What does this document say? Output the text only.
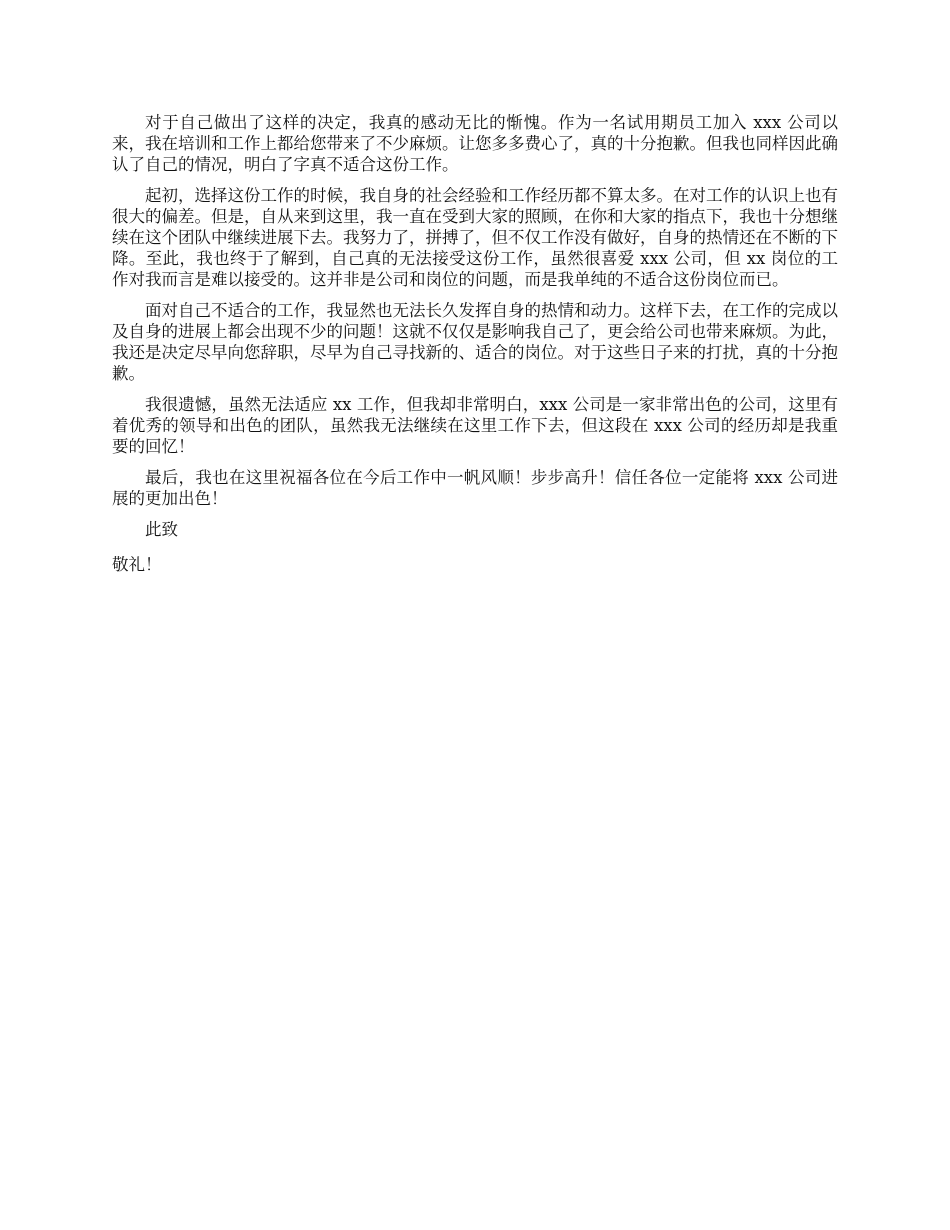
对于自己做出了这样的决定，我真的感动无比的惭愧。作为一名试用期员工加入 xxx 公司以来，我在培训和工作上都给您带来了不少麻烦。让您多多费心了，真的十分抱歉。但我也同样因此确认了自己的情况，明白了字真不适合这份工作。

起初，选择这份工作的时候，我自身的社会经验和工作经历都不算太多。在对工作的认识上也有很大的偏差。但是，自从来到这里，我一直在受到大家的照顾，在你和大家的指点下，我也十分想继续在这个团队中继续进展下去。我努力了，拼搏了，但不仅工作没有做好，自身的热情还在不断的下降。至此，我也终于了解到，自己真的无法接受这份工作，虽然很喜爱 xxx 公司，但 xx 岗位的工作对我而言是难以接受的。这并非是公司和岗位的问题，而是我单纯的不适合这份岗位而已。

面对自己不适合的工作，我显然也无法长久发挥自身的热情和动力。这样下去，在工作的完成以及自身的进展上都会出现不少的问题！这就不仅仅是影响我自己了，更会给公司也带来麻烦。为此，我还是决定尽早向您辞职，尽早为自己寻找新的、适合的岗位。对于这些日子来的打扰，真的十分抱歉。

我很遗憾，虽然无法适应 xx 工作，但我却非常明白，xxx 公司是一家非常出色的公司，这里有着优秀的领导和出色的团队，虽然我无法继续在这里工作下去，但这段在 xxx 公司的经历却是我重要的回忆！

最后，我也在这里祝福各位在今后工作中一帆风顺！步步高升！信任各位一定能将 xxx 公司进展的更加出色！

此致

敬礼！
